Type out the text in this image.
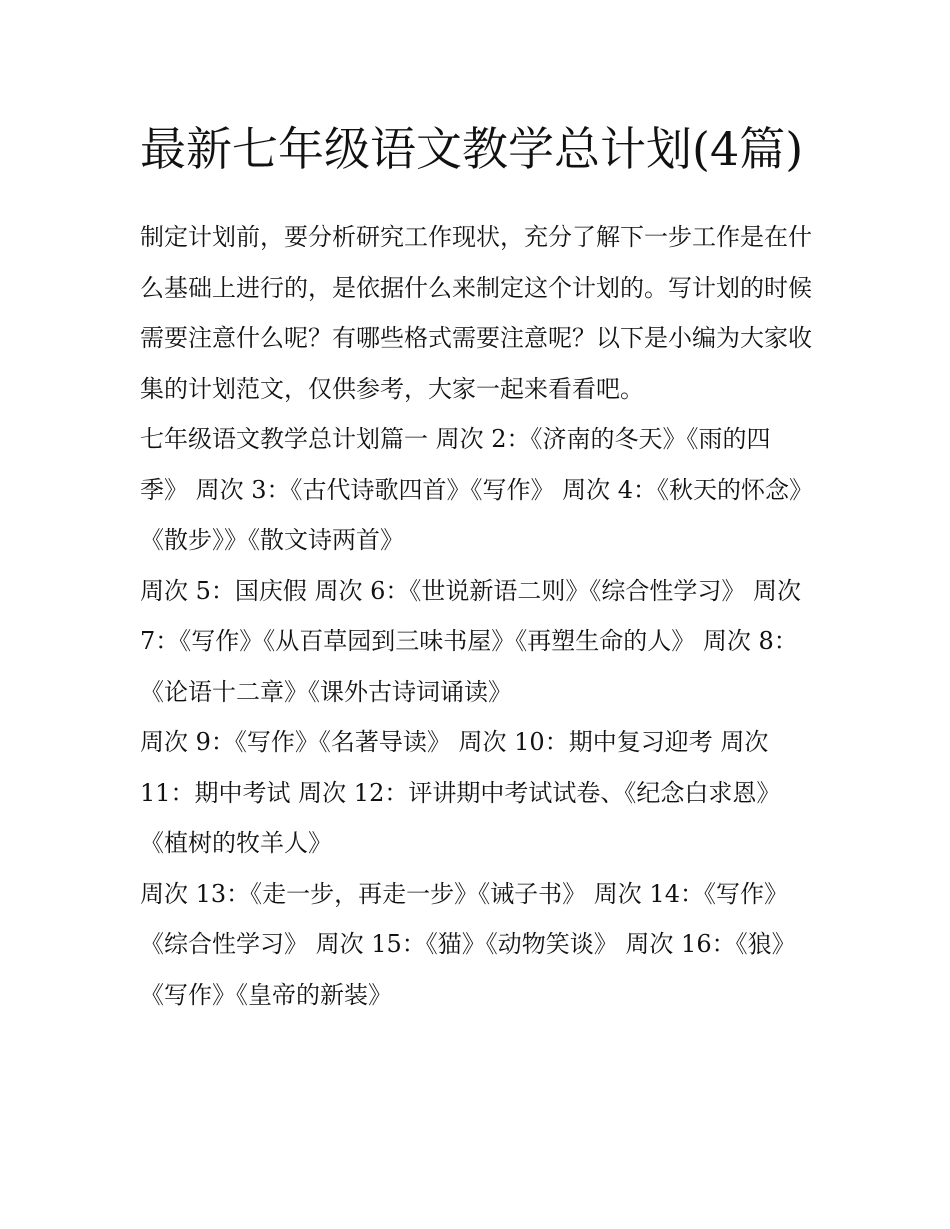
最新七年级语文教学总计划(4篇)

制定计划前，要分析研究工作现状，充分了解下一步工作是在什么基础上进行的，是依据什么来制定这个计划的。写计划的时候需要注意什么呢？有哪些格式需要注意呢？以下是小编为大家收集的计划范文，仅供参考，大家一起来看看吧。

七年级语文教学总计划篇一 周次 2：《济南的冬天》《雨的四季》 周次 3：《古代诗歌四首》《写作》 周次 4：《秋天的怀念》《散步》》《散文诗两首》

周次 5：国庆假 周次 6：《世说新语二则》《综合性学习》 周次 7：《写作》《从百草园到三味书屋》《再塑生命的人》 周次 8：《论语十二章》《课外古诗词诵读》

周次 9：《写作》《名著导读》 周次 10：期中复习迎考 周次 11：期中考试 周次 12：评讲期中考试试卷、《纪念白求恩》《植树的牧羊人》

周次 13：《走一步，再走一步》《诫子书》 周次 14：《写作》《综合性学习》 周次 15：《猫》《动物笑谈》 周次 16：《狼》《写作》《皇帝的新装》
